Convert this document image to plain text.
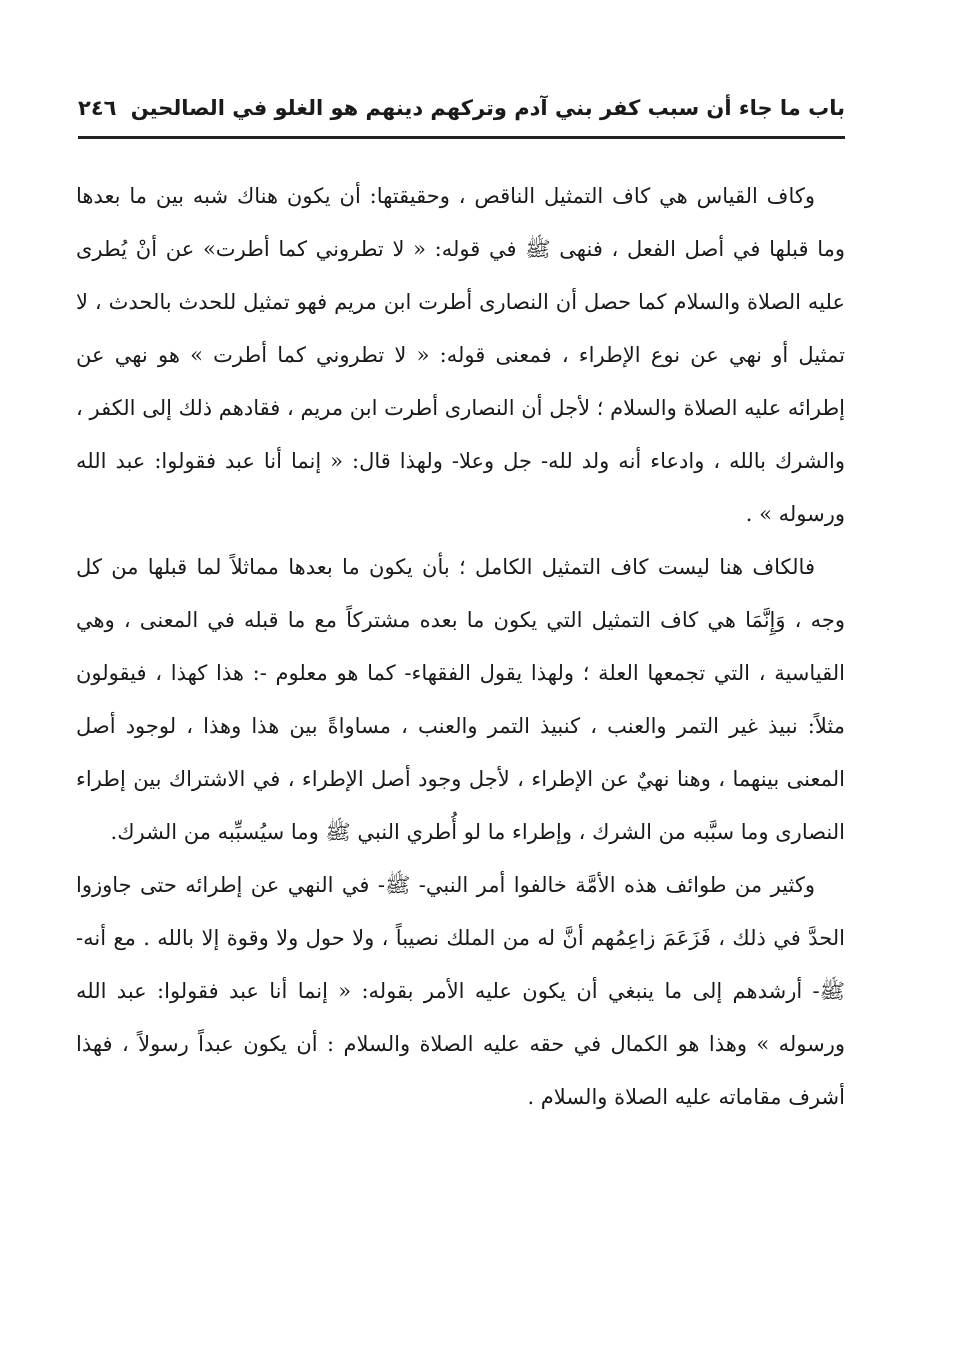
باب ما جاء أن سبب كفر بني آدم وتركهم دينهم هو الغلو في الصالحين
٢٤٦

وكاف القياس هي كاف التمثيل الناقص ، وحقيقتها: أن يكون هناك شبه بين ما بعدها وما قبلها في أصل الفعل ، فنهى ﷺ في قوله: « لا تطروني كما أطرت» عن أنْ يُطرى عليه الصلاة والسلام كما حصل أن النصارى أطرت ابن مريم فهو تمثيل للحدث بالحدث ، لا تمثيل أو نهي عن نوع الإطراء ، فمعنى قوله: « لا تطروني كما أطرت » هو نهي عن إطرائه عليه الصلاة والسلام ؛ لأجل أن النصارى أطرت ابن مريم ، فقادهم ذلك إلى الكفر ، والشرك بالله ، وادعاء أنه ولد لله- جل وعلا- ولهذا قال: « إنما أنا عبد فقولوا: عبد الله ورسوله » .

فالكاف هنا ليست كاف التمثيل الكامل ؛ بأن يكون ما بعدها مماثلاً لما قبلها من كل وجه ، وَإِنَّمَا هي كاف التمثيل التي يكون ما بعده مشتركاً مع ما قبله في المعنى ، وهي القياسية ، التي تجمعها العلة ؛ ولهذا يقول الفقهاء- كما هو معلوم -: هذا كهذا ، فيقولون مثلاً: نبيذ غير التمر والعنب ، كنبيذ التمر والعنب ، مساواةً بين هذا وهذا ، لوجود أصل المعنى بينهما ، وهنا نهيٌ عن الإطراء ، لأجل وجود أصل الإطراء ، في الاشتراك بين إطراء النصارى وما سبَّبه من الشرك ، وإطراء ما لو أُطري النبي ﷺ وما سيُسبِّبه من الشرك.

وكثير من طوائف هذه الأمَّة خالفوا أمر النبي- ﷺ- في النهي عن إطرائه حتى جاوزوا الحدَّ في ذلك ، فَزَعَمَ زاعِمُهم أنَّ له من الملك نصيباً ، ولا حول ولا وقوة إلا بالله . مع أنه- ﷺ- أرشدهم إلى ما ينبغي أن يكون عليه الأمر بقوله: « إنما أنا عبد فقولوا: عبد الله ورسوله » وهذا هو الكمال في حقه عليه الصلاة والسلام : أن يكون عبداً رسولاً ، فهذا أشرف مقاماته عليه الصلاة والسلام .
